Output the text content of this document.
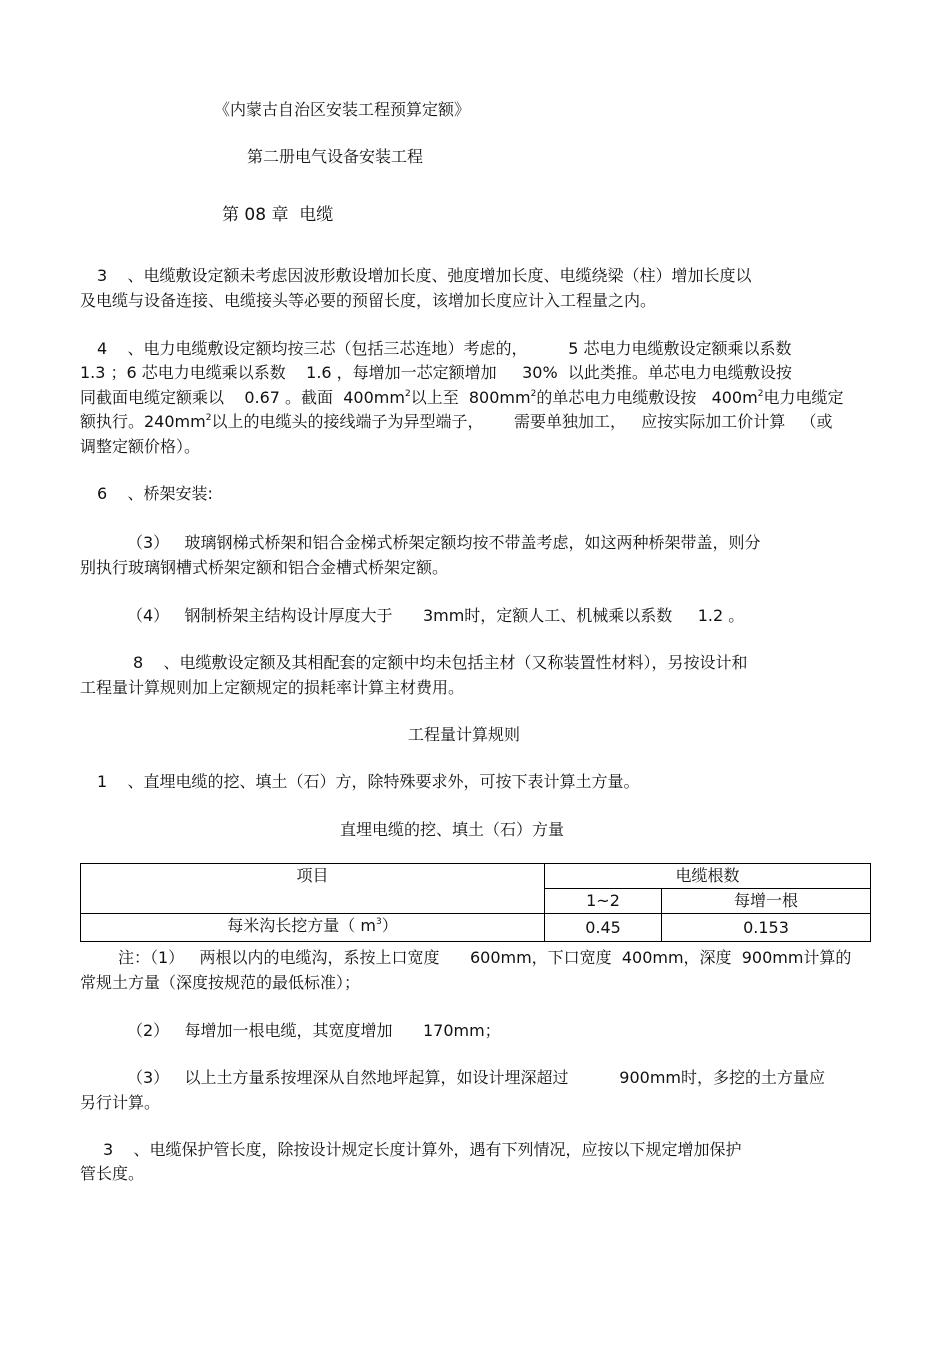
《内蒙古自治区安装工程预算定额》
第二册电气设备安装工程
第 08 章  电缆
3    、电缆敷设定额未考虑因波形敷设增加长度、弛度增加长度、电缆绕梁（柱）增加长度以
及电缆与设备连接、电缆接头等必要的预留长度，该增加长度应计入工程量之内。
4    、电力电缆敷设定额均按三芯（包括三芯连地）考虑的，        5 芯电力电缆敷设定额乘以系数
1.3 ；6 芯电力电缆乘以系数    1.6 ，每增加一芯定额增加     30%  以此类推。单芯电力电缆敷设按
同截面电缆定额乘以    0.67 。截面  $400mm^2$以上至  $800mm^2$的单芯电力电缆敷设按   $400m^2$电力电缆定
额执行。$240mm^2$以上的电缆头的接线端子为异型端子，      需要单独加工，   应按实际加工价计算   （或
调整定额价格）。
6    、桥架安装:
（3）   玻璃钢梯式桥架和铝合金梯式桥架定额均按不带盖考虑，如这两种桥架带盖，则分
别执行玻璃钢槽式桥架定额和铝合金槽式桥架定额。
（4）   钢制桥架主结构设计厚度大于      3mm时，定额人工、机械乘以系数     1.2 。
8    、电缆敷设定额及其相配套的定额中均未包括主材（又称装置性材料），另按设计和
工程量计算规则加上定额规定的损耗率计算主材费用。
工程量计算规则
1    、直埋电缆的挖、填土（石）方，除特殊要求外，可按下表计算土方量。
直埋电缆的挖、填土（石）方量
项目	电缆根数	
	1~2	每增一根
每米沟长挖方量（ $m^3$）	0.45	0.153
注：（1）   两根以内的电缆沟，系按上口宽度      600mm，下口宽度  400mm，深度  900mm计算的
常规土方量（深度按规范的最低标准）；
（2）   每增加一根电缆，其宽度增加      170mm；
（3）   以上土方量系按埋深从自然地坪起算，如设计埋深超过          900mm时，多挖的土方量应
另行计算。
3    、电缆保护管长度，除按设计规定长度计算外，遇有下列情况，应按以下规定增加保护
管长度。
